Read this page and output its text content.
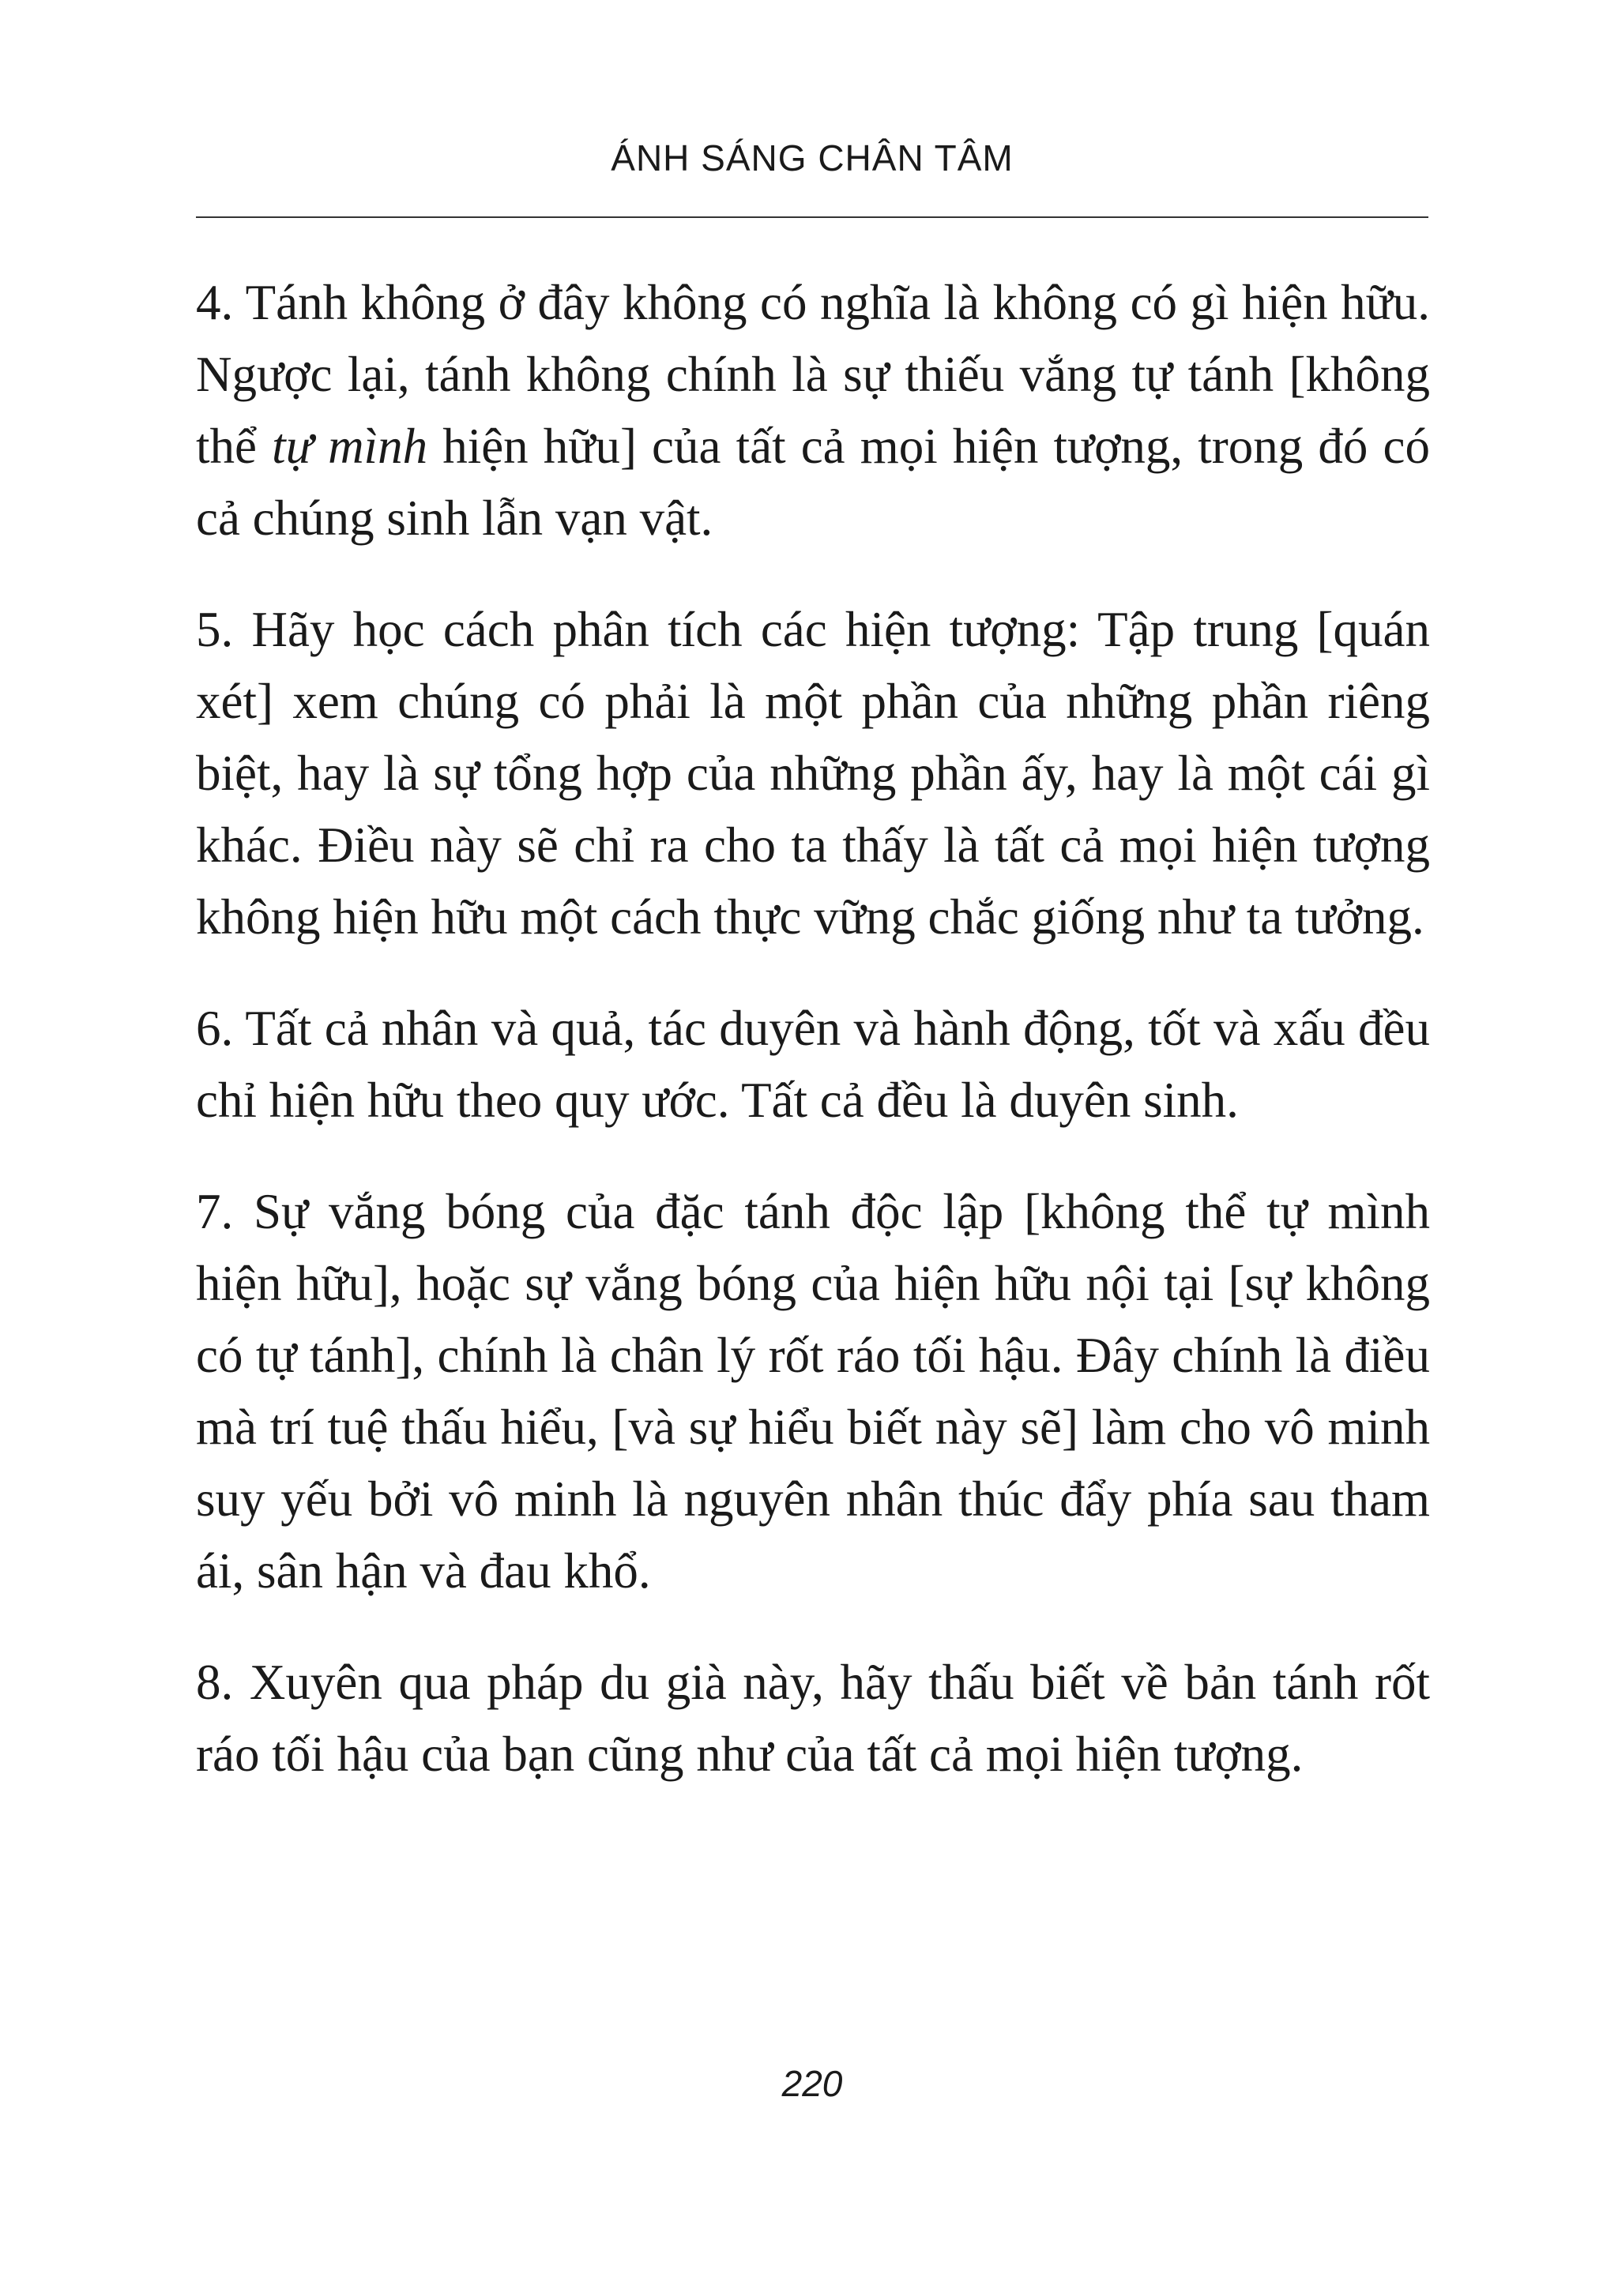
ÁNH SÁNG CHÂN TÂM

4. Tánh không ở đây không có nghĩa là không có gì hiện hữu. Ngược lại, tánh không chính là sự thiếu vắng tự tánh [không thể tự mình hiện hữu] của tất cả mọi hiện tượng, trong đó có cả chúng sinh lẫn vạn vật.

5. Hãy học cách phân tích các hiện tượng: Tập trung [quán xét] xem chúng có phải là một phần của những phần riêng biệt, hay là sự tổng hợp của những phần ấy, hay là một cái gì khác. Điều này sẽ chỉ ra cho ta thấy là tất cả mọi hiện tượng không hiện hữu một cách thực vững chắc giống như ta tưởng.

6. Tất cả nhân và quả, tác duyên và hành động, tốt và xấu đều chỉ hiện hữu theo quy ước. Tất cả đều là duyên sinh.

7. Sự vắng bóng của đặc tánh độc lập [không thể tự mình hiện hữu], hoặc sự vắng bóng của hiện hữu nội tại [sự không có tự tánh], chính là chân lý rốt ráo tối hậu. Đây chính là điều mà trí tuệ thấu hiểu, [và sự hiểu biết này sẽ] làm cho vô minh suy yếu bởi vô minh là nguyên nhân thúc đẩy phía sau tham ái, sân hận và đau khổ.

8. Xuyên qua pháp du già này, hãy thấu biết về bản tánh rốt ráo tối hậu của bạn cũng như của tất cả mọi hiện tượng.

220
